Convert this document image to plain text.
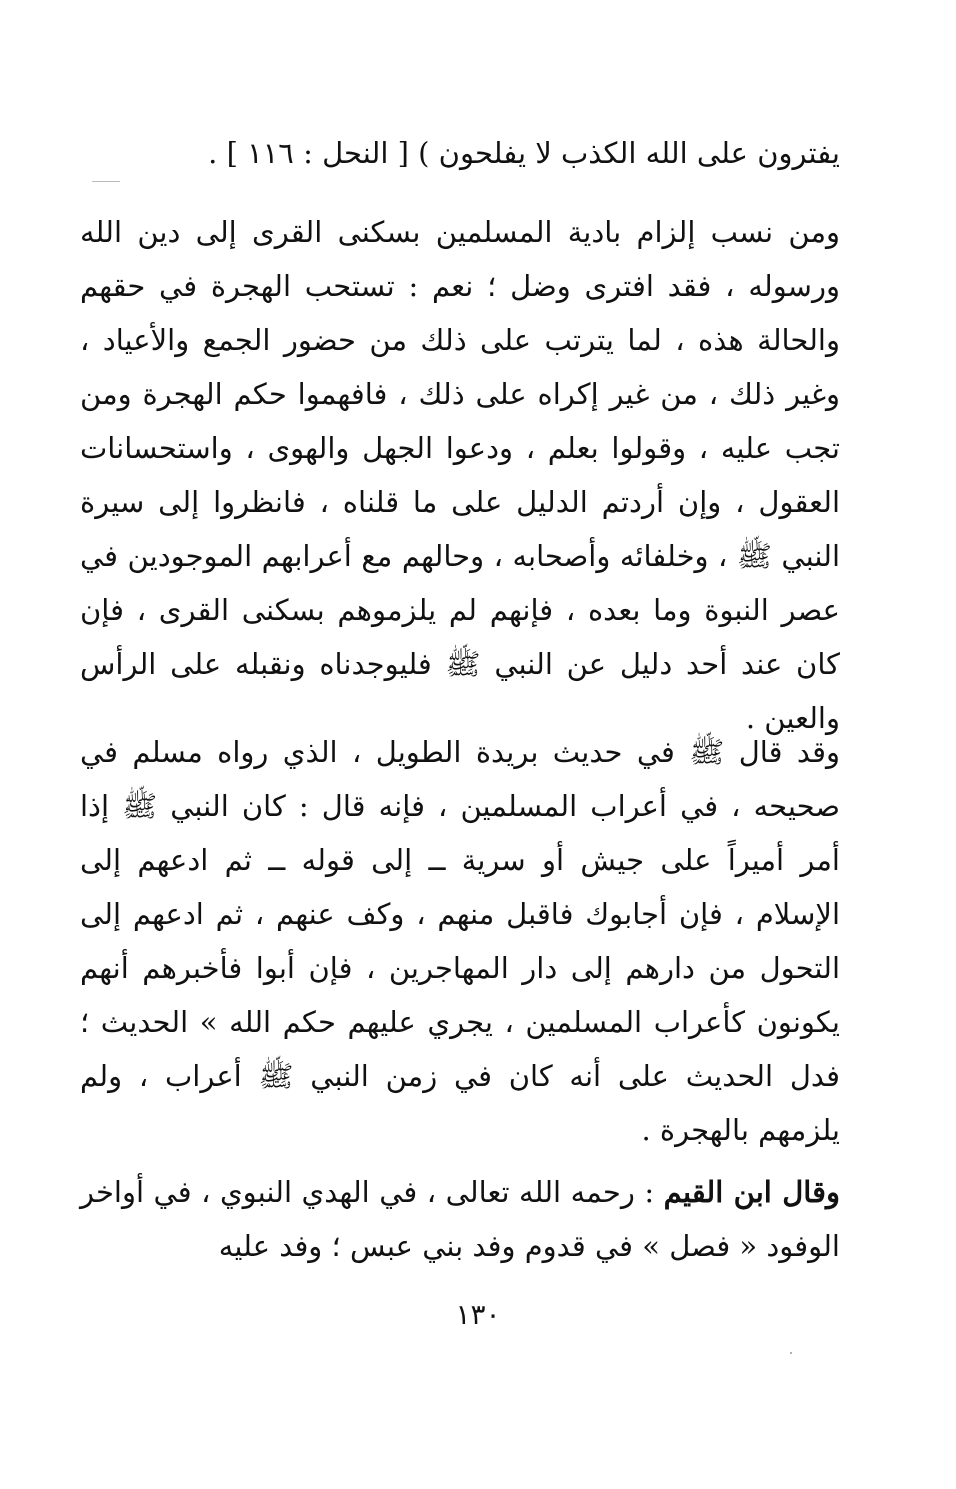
يفترون على الله الكذب لا يفلحون ) [ النحل : ١١٦ ] .

ومن نسب إلزام بادية المسلمين بسكنى القرى إلى دين الله ورسوله ، فقد افترى وضل ؛ نعم : تستحب الهجرة في حقهم والحالة هذه ، لما يترتب على ذلك من حضور الجمع والأعياد ، وغير ذلك ، من غير إكراه على ذلك ، فافهموا حكم الهجرة ومن تجب عليه ، وقولوا بعلم ، ودعوا الجهل والهوى ، واستحسانات العقول ، وإن أردتم الدليل على ما قلناه ، فانظروا إلى سيرة النبي ﷺ ، وخلفائه وأصحابه ، وحالهم مع أعرابهم الموجودين في عصر النبوة وما بعده ، فإنهم لم يلزموهم بسكنى القرى ، فإن كان عند أحد دليل عن النبي ﷺ فليوجدناه ونقبله على الرأس والعين .

وقد قال ﷺ في حديث بريدة الطويل ، الذي رواه مسلم في صحيحه ، في أعراب المسلمين ، فإنه قال : كان النبي ﷺ إذا أمر أميراً على جيش أو سرية ــ إلى قوله ــ ثم ادعهم إلى الإسلام ، فإن أجابوك فاقبل منهم ، وكف عنهم ، ثم ادعهم إلى التحول من دارهم إلى دار المهاجرين ، فإن أبوا فأخبرهم أنهم يكونون كأعراب المسلمين ، يجري عليهم حكم الله » الحديث ؛ فدل الحديث على أنه كان في زمن النبي ﷺ أعراب ، ولم يلزمهم بالهجرة .

وقال ابن القيم : رحمه الله تعالى ، في الهدي النبوي ، في أواخر الوفود « فصل » في قدوم وفد بني عبس ؛ وفد عليه

١٣٠
